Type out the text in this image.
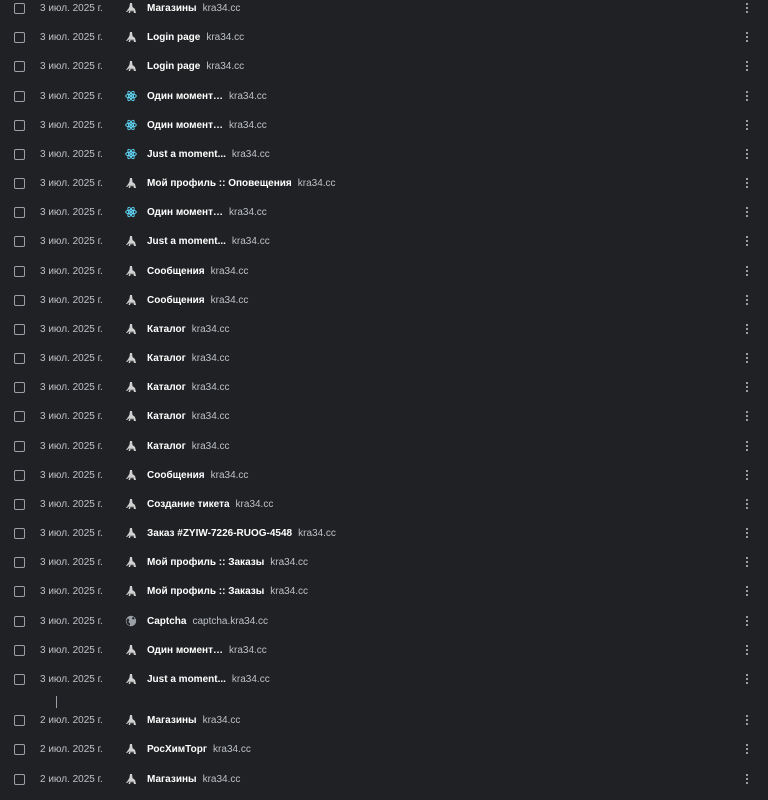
3 июл. 2025 г.	Магазины kra34.cc
3 июл. 2025 г.	Login page kra34.cc
3 июл. 2025 г.	Login page kra34.cc
3 июл. 2025 г.	Один момент… kra34.cc
3 июл. 2025 г.	Один момент… kra34.cc
3 июл. 2025 г.	Just a moment... kra34.cc
3 июл. 2025 г.	Мой профиль :: Оповещения kra34.cc
3 июл. 2025 г.	Один момент… kra34.cc
3 июл. 2025 г.	Just a moment... kra34.cc
3 июл. 2025 г.	Сообщения kra34.cc
3 июл. 2025 г.	Сообщения kra34.cc
3 июл. 2025 г.	Каталог kra34.cc
3 июл. 2025 г.	Каталог kra34.cc
3 июл. 2025 г.	Каталог kra34.cc
3 июл. 2025 г.	Каталог kra34.cc
3 июл. 2025 г.	Каталог kra34.cc
3 июл. 2025 г.	Сообщения kra34.cc
3 июл. 2025 г.	Создание тикета kra34.cc
3 июл. 2025 г.	Заказ #ZYIW-7226-RUOG-4548 kra34.cc
3 июл. 2025 г.	Мой профиль :: Заказы kra34.cc
3 июл. 2025 г.	Мой профиль :: Заказы kra34.cc
3 июл. 2025 г.	Captcha captcha.kra34.cc
3 июл. 2025 г.	Один момент… kra34.cc
3 июл. 2025 г.	Just a moment... kra34.cc
2 июл. 2025 г.	Магазины kra34.cc
2 июл. 2025 г.	РосХимТорг kra34.cc
2 июл. 2025 г.	Магазины kra34.cc
